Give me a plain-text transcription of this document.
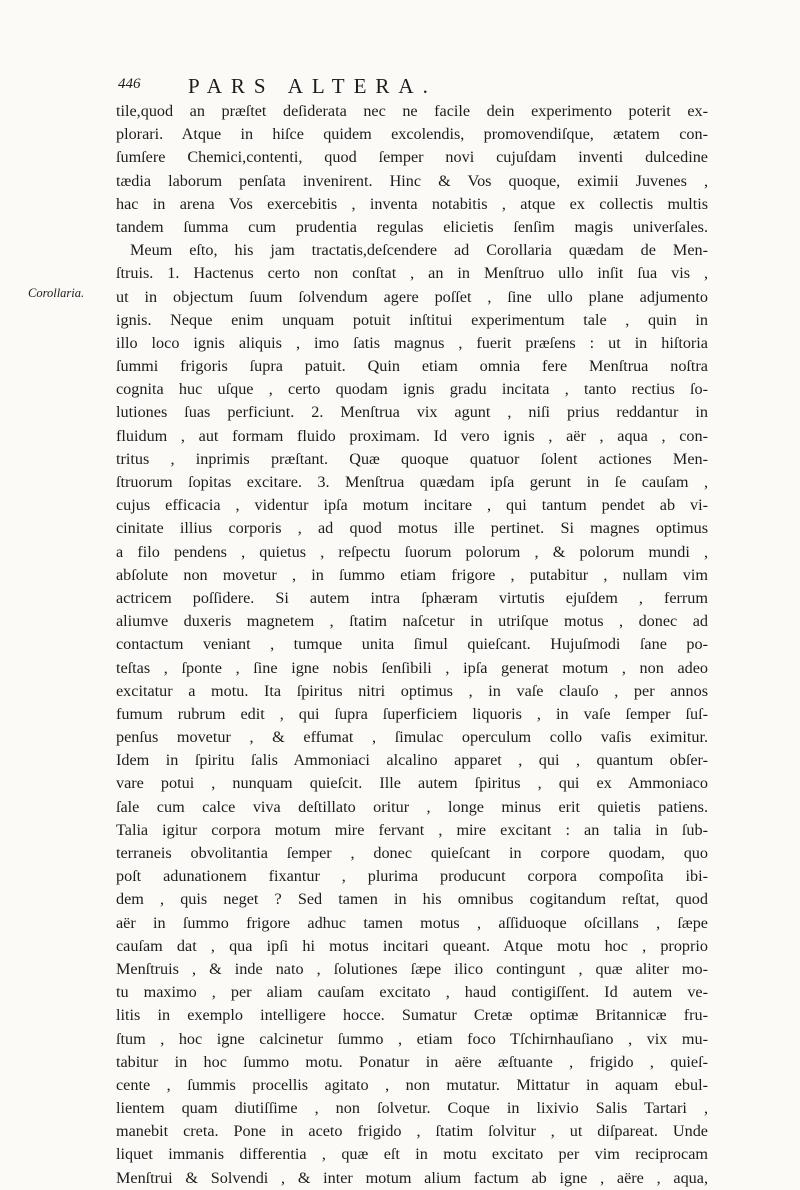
446 PARS ALTERA.
Corollaria.
tile,quod an præſtet deſiderata nec ne facile dein experimento poterit ex-
plorari. Atque in hiſce quidem excolendis, promovendiſque, ætatem con-
ſumſere Chemici,contenti, quod ſemper novi cujuſdam inventi dulcedine
tædia laborum penſata invenirent. Hinc & Vos quoque, eximii Juvenes ,
hac in arena Vos exercebitis , inventa notabitis , atque ex collectis multis
tandem ſumma cum prudentia regulas elicietis ſenſim magis univerſales.
Meum eſto, his jam tractatis,deſcendere ad Corollaria quædam de Men-
ſtruis. 1. Hactenus certo non conſtat , an in Menſtruo ullo inſit ſua vis ,
ut in objectum ſuum ſolvendum agere poſſet , ſine ullo plane adjumento
ignis. Neque enim unquam potuit inſtitui experimentum tale , quin in
illo loco ignis aliquis , imo ſatis magnus , fuerit præſens : ut in hiſtoria
ſummi frigoris ſupra patuit. Quin etiam omnia fere Menſtrua noſtra
cognita huc uſque , certo quodam ignis gradu incitata , tanto rectius ſo-
lutiones ſuas perficiunt. 2. Menſtrua vix agunt , niſi prius reddantur in
fluidum , aut formam fluido proximam. Id vero ignis , aër , aqua , con-
tritus , inprimis præſtant. Quæ quoque quatuor ſolent actiones Men-
ſtruorum ſopitas excitare. 3. Menſtrua quædam ipſa gerunt in ſe cauſam ,
cujus efficacia , videntur ipſa motum incitare , qui tantum pendet ab vi-
cinitate illius corporis , ad quod motus ille pertinet. Si magnes optimus
a filo pendens , quietus , reſpectu ſuorum polorum , & polorum mundi ,
abſolute non movetur , in ſummo etiam frigore , putabitur , nullam vim
actricem poſſidere. Si autem intra ſphæram virtutis ejuſdem , ferrum
aliumve duxeris magnetem , ſtatim naſcetur in utriſque motus , donec ad
contactum veniant , tumque unita ſimul quieſcant. Hujuſmodi ſane po-
teſtas , ſponte , ſine igne nobis ſenſibili , ipſa generat motum , non adeo
excitatur a motu. Ita ſpiritus nitri optimus , in vaſe clauſo , per annos
fumum rubrum edit , qui ſupra ſuperficiem liquoris , in vaſe ſemper ſuſ-
penſus movetur , & effumat , ſimulac operculum collo vaſis eximitur.
Idem in ſpiritu ſalis Ammoniaci alcalino apparet , qui , quantum obſer-
vare potui , nunquam quieſcit. Ille autem ſpiritus , qui ex Ammoniaco
ſale cum calce viva deſtillato oritur , longe minus erit quietis patiens.
Talia igitur corpora motum mire fervant , mire excitant : an talia in ſub-
terraneis obvolitantia ſemper , donec quieſcant in corpore quodam, quo
poſt adunationem fixantur , plurima producunt corpora compoſita ibi-
dem , quis neget ? Sed tamen in his omnibus cogitandum reſtat, quod
aër in ſummo frigore adhuc tamen motus , aſſiduoque oſcillans , ſæpe
cauſam dat , qua ipſi hi motus incitari queant. Atque motu hoc , proprio
Menſtruis , & inde nato , ſolutiones ſæpe ilico contingunt , quæ aliter mo-
tu maximo , per aliam cauſam excitato , haud contigiſſent. Id autem ve-
litis in exemplo intelligere hocce. Sumatur Cretæ optimæ Britannicæ fru-
ſtum , hoc igne calcinetur ſummo , etiam foco Tſchirnhauſiano , vix mu-
tabitur in hoc ſummo motu. Ponatur in aëre æſtuante , frigido , quieſ-
cente , ſummis procellis agitato , non mutatur. Mittatur in aquam ebul-
lientem quam diutiſſime , non ſolvetur. Coque in lixivio Salis Tartari ,
manebit creta. Pone in aceto frigido , ſtatim ſolvitur , ut diſpareat. Unde
liquet immanis differentia , quæ eſt in motu excitato per vim reciprocam
Menſtrui & Solvendi , & inter motum alium factum ab igne , aëre , aqua,
